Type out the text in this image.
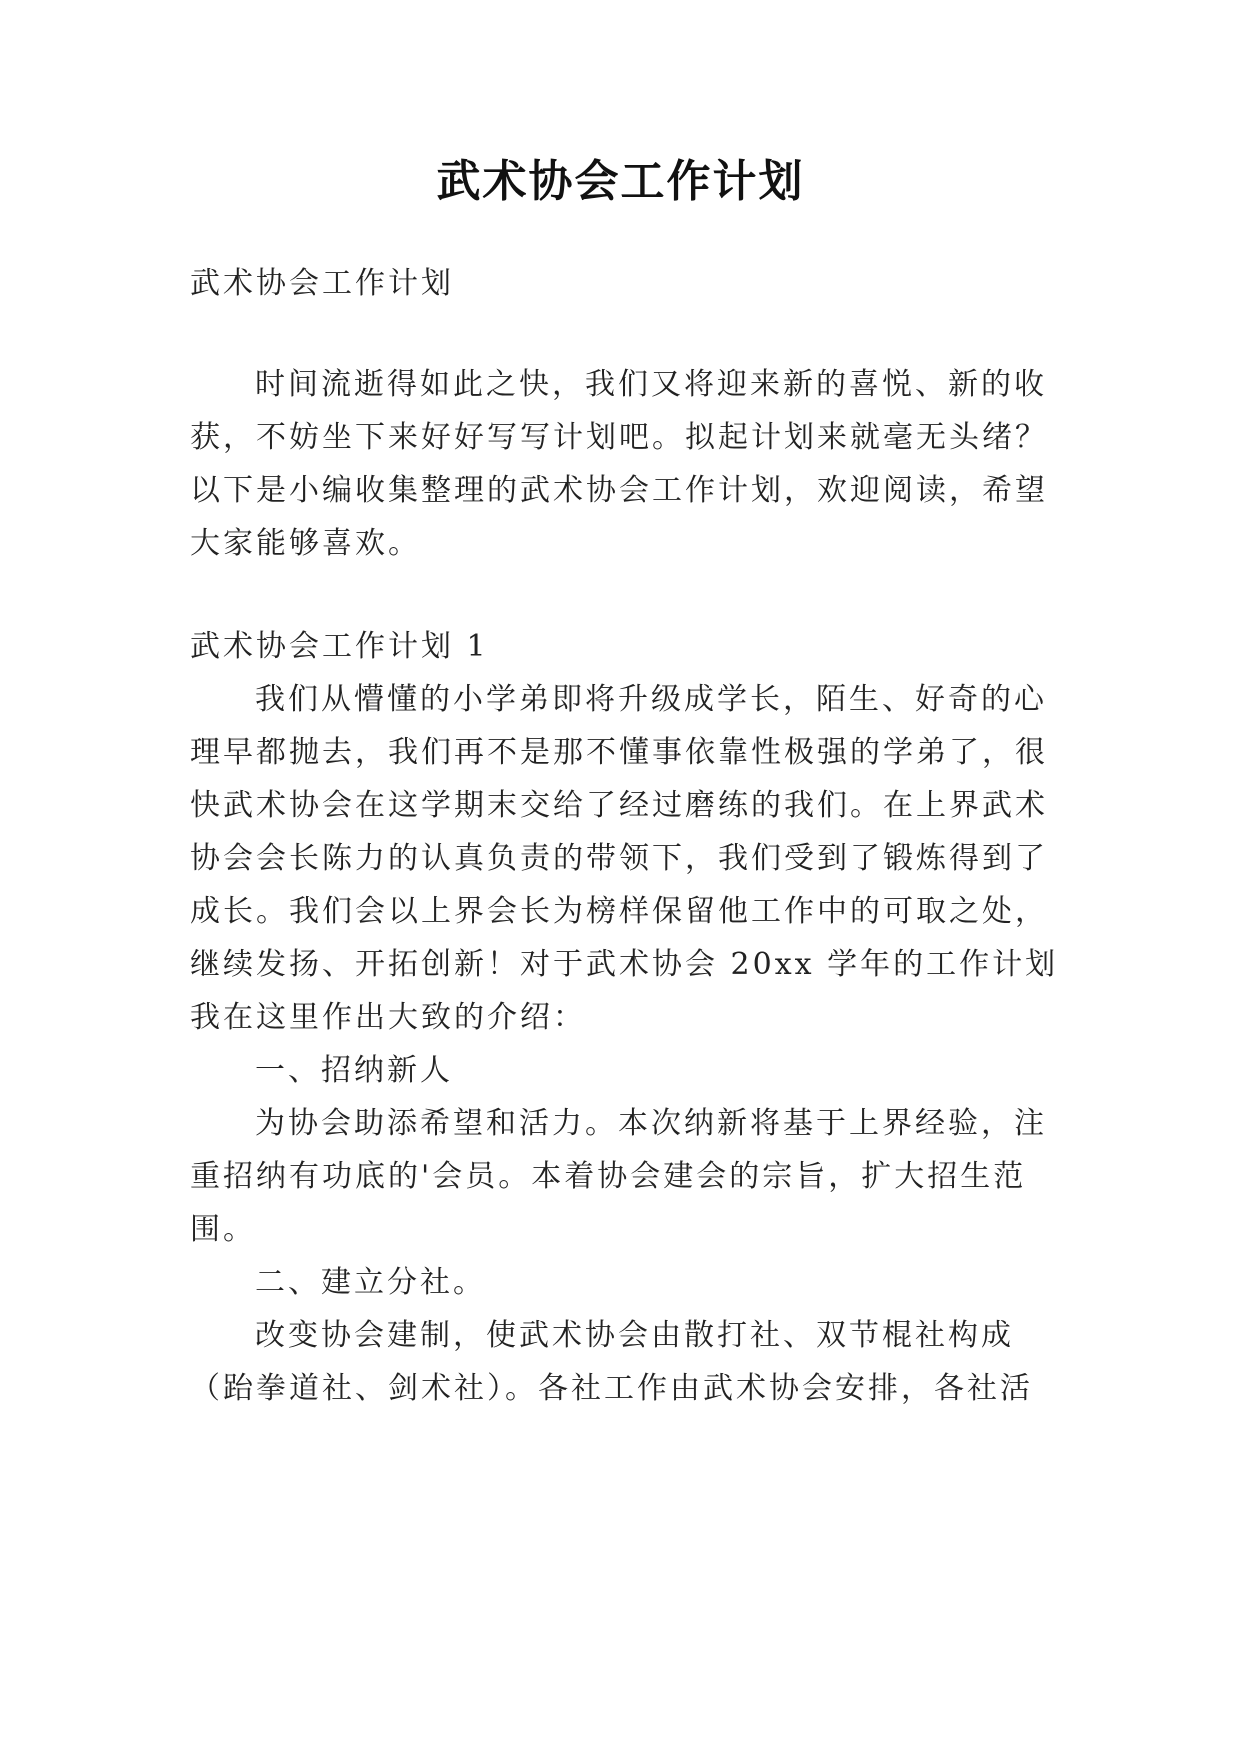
武术协会工作计划
武术协会工作计划
时间流逝得如此之快，我们又将迎来新的喜悦、新的收
获，不妨坐下来好好写写计划吧。拟起计划来就毫无头绪？
以下是小编收集整理的武术协会工作计划，欢迎阅读，希望
大家能够喜欢。
武术协会工作计划 1
我们从懵懂的小学弟即将升级成学长，陌生、好奇的心
理早都抛去，我们再不是那不懂事依靠性极强的学弟了，很
快武术协会在这学期末交给了经过磨练的我们。在上界武术
协会会长陈力的认真负责的带领下，我们受到了锻炼得到了
成长。我们会以上界会长为榜样保留他工作中的可取之处，
继续发扬、开拓创新！对于武术协会 20xx 学年的工作计划
我在这里作出大致的介绍：
一、招纳新人
为协会助添希望和活力。本次纳新将基于上界经验，注
重招纳有功底的'会员。本着协会建会的宗旨，扩大招生范
围。
二、建立分社。
改变协会建制，使武术协会由散打社、双节棍社构成
（跆拳道社、剑术社）。各社工作由武术协会安排，各社活
